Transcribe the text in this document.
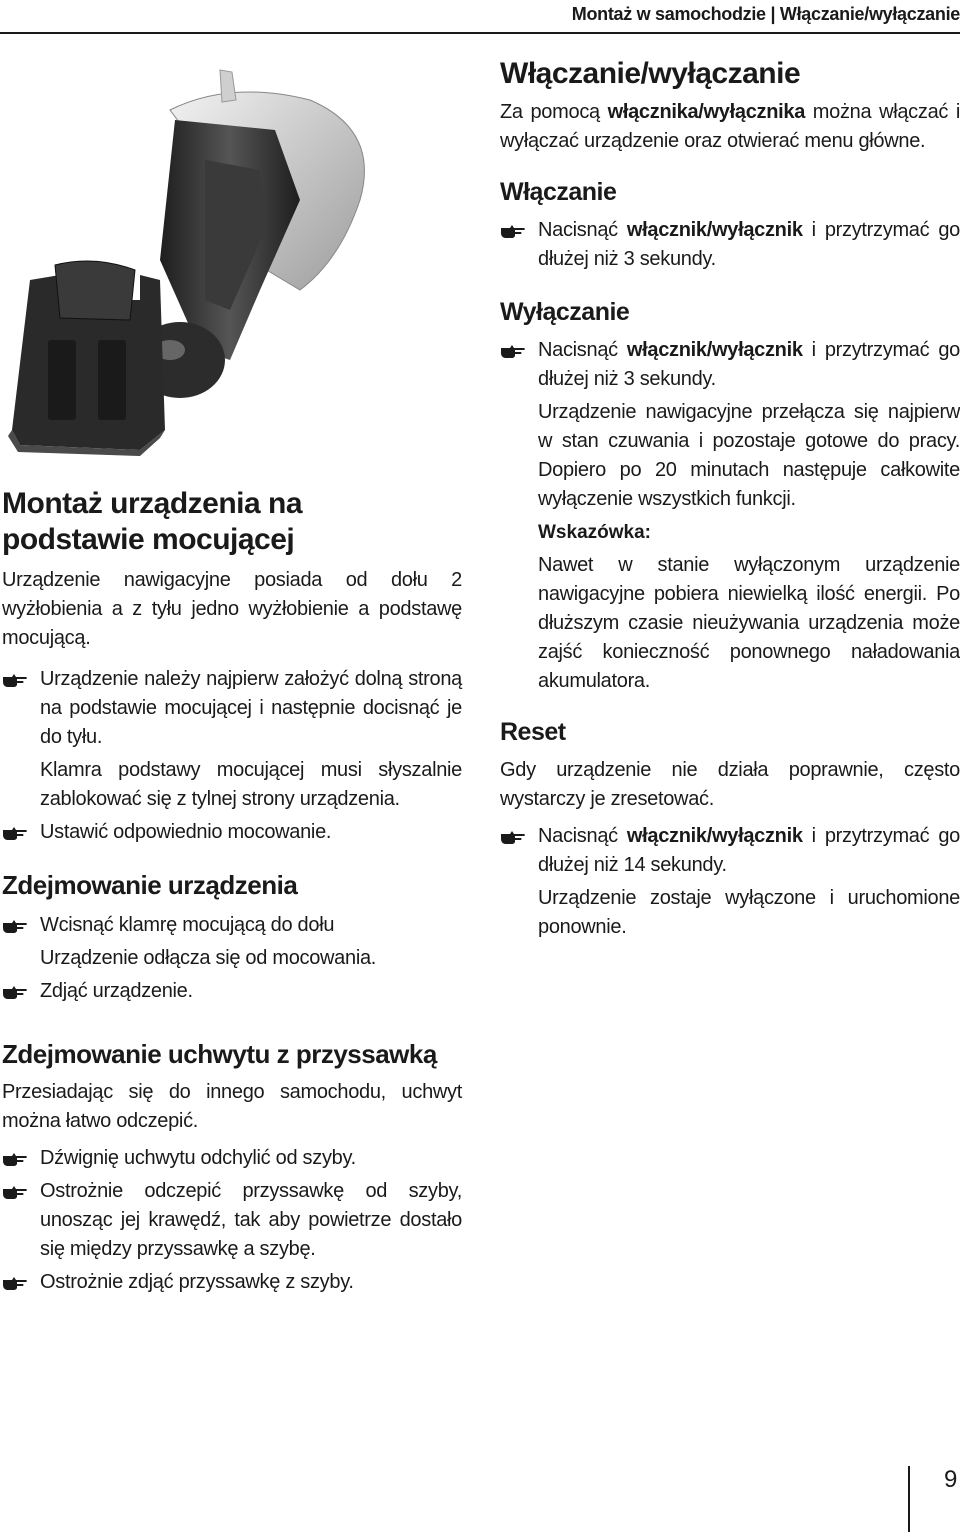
Montaż w samochodzie | Włączanie/wyłączanie
Montaż urządzenia na podstawie mocującej

Urządzenie nawigacyjne posiada od dołu 2 wyżłobienia a z tyłu jedno wyżłobienie a podstawę mocującą.

Urządzenie należy najpierw założyć dolną stroną na podstawie mocującej i następnie docisnąć je do tyłu.
Klamra podstawy mocującej musi słyszalnie zablokować się z tylnej strony urządzenia.
Ustawić odpowiednio mocowanie.
Zdejmowanie urządzenia
Wcisnąć klamrę mocującą do dołu
Urządzenie odłącza się od mocowania.
Zdjąć urządzenie.
Zdejmowanie uchwytu z przyssawką

Przesiadając się do innego samochodu, uchwyt można łatwo odczepić.

Dźwignię uchwytu odchylić od szyby.
Ostrożnie odczepić przyssawkę od szyby, unosząc jej krawędź, tak aby powietrze dostało się między przyssawkę a szybę.
Ostrożnie zdjąć przyssawkę z szyby.
Włączanie/wyłączanie

Za pomocą włącznika/wyłącznika można włączać i wyłączać urządzenie oraz otwierać menu główne.

Włączanie
Nacisnąć włącznik/wyłącznik i przytrzymać go dłużej niż 3 sekundy.
Wyłączanie
Nacisnąć włącznik/wyłącznik i przytrzymać go dłużej niż 3 sekundy.
Urządzenie nawigacyjne przełącza się najpierw w stan czuwania i pozostaje gotowe do pracy. Dopiero po 20 minutach następuje całkowite wyłączenie wszystkich funkcji.
Wskazówka:
Nawet w stanie wyłączonym urządzenie nawigacyjne pobiera niewielką ilość energii. Po dłuższym czasie nieużywania urządzenia może zajść konieczność ponownego naładowania akumulatora.
Reset

Gdy urządzenie nie działa poprawnie, często wystarczy je zresetować.

Nacisnąć włącznik/wyłącznik i przytrzymać go dłużej niż 14 sekundy.
Urządzenie zostaje wyłączone i uruchomione ponownie.
9
